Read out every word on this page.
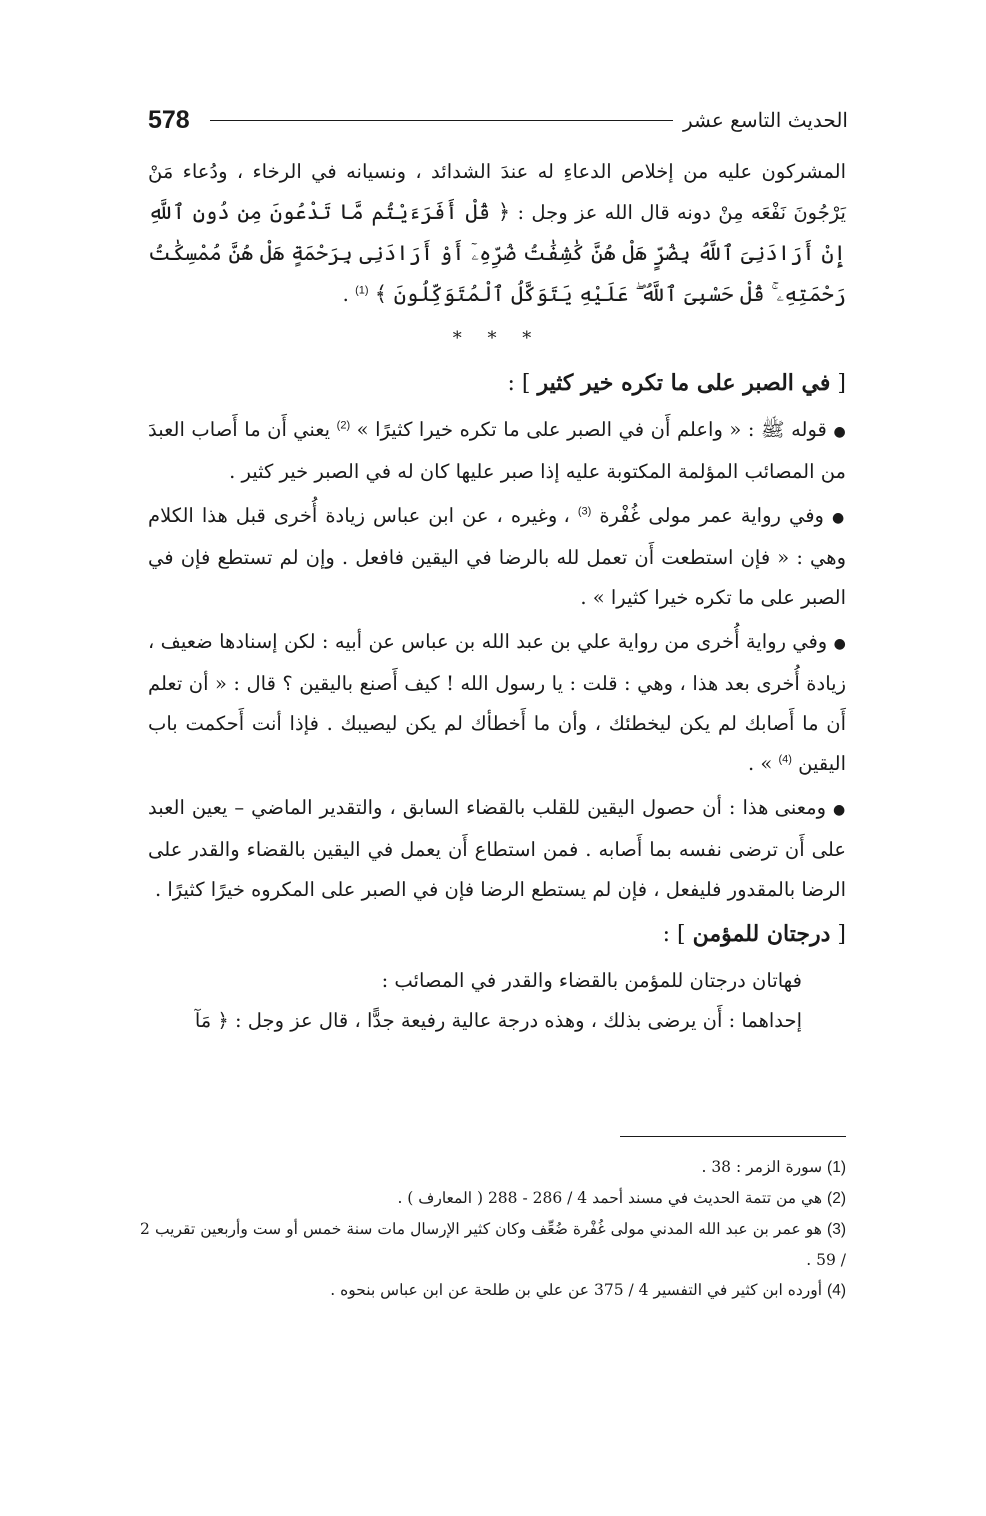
578	الحديث التاسع عشر

المشركون عليه من إخلاص الدعاءِ له عندَ الشدائد ، ونسيانه في الرخاء ، ودُعاء مَنْ يَرْجُونَ نَفْعَه مِنْ دونه قال الله عز وجل : ﴿ قُلْ أَفَرَءَيْتُم مَّا تَدْعُونَ مِن دُونِ ٱللَّهِ إِنْ أَرَادَنِىَ ٱللَّهُ بِضُرٍّ هَلْ هُنَّ كَٰشِفَٰتُ ضُرِّهِۦٓ أَوْ أَرَادَنِى بِرَحْمَةٍ هَلْ هُنَّ مُمْسِكَٰتُ رَحْمَتِهِۦ ۚ قُلْ حَسْبِىَ ٱللَّهُ ۖ عَلَيْهِ يَتَوَكَّلُ ٱلْمُتَوَكِّلُونَ ﴾ $^{(1)}$ .

* * *
[ في الصبر على ما تكره خير كثير ] :

● قوله ﷺ : « واعلم أَن في الصبر على ما تكره خيرا كثيرًا » $^{(2)}$ يعني أَن ما أَصاب العبدَ من المصائب المؤلمة المكتوبة عليه إذا صبر عليها كان له في الصبر خير كثير .

● وفي رواية عمر مولى غُفْرة $^{(3)}$ ، وغيره ، عن ابن عباس زيادة أُخرى قبل هذا الكلام وهي : « فإن استطعت أَن تعمل لله بالرضا في اليقين فافعل . وإن لم تستطع فإن في الصبر على ما تكره خيرا كثيرا » .

● وفي رواية أُخرى من رواية علي بن عبد الله بن عباس عن أبيه : لكن إسنادها ضعيف ، زيادة أُخرى بعد هذا ، وهي : قلت : يا رسول الله ! كيف أَصنع باليقين ؟ قال : « أن تعلم أَن ما أَصابك لم يكن ليخطئك ، وأن ما أَخطأك لم يكن ليصيبك . فإذا أنت أَحكمت باب اليقين $^{(4)}$ » .

● ومعنى هذا : أن حصول اليقين للقلب بالقضاء السابق ، والتقدير الماضي – يعين العبد على أَن ترضى نفسه بما أَصابه . فمن استطاع أَن يعمل في اليقين بالقضاء والقدر على الرضا بالمقدور فليفعل ، فإن لم يستطع الرضا فإن في الصبر على المكروه خيرًا كثيرًا .

[ درجتان للمؤمن ] :

فهاتان درجتان للمؤمن بالقضاء والقدر في المصائب :

إحداهما : أَن يرضى بذلك ، وهذه درجة عالية رفيعة جدًّا ، قال عز وجل : ﴿ مَآ

(1) سورة الزمر : 38 .

(2) هي من تتمة الحديث في مسند أحمد 4 / 286 - 288 ( المعارف ) .

(3) هو عمر بن عبد الله المدني مولى غُفْرة ضُعِّف وكان كثير الإرسال مات سنة خمس أو ست وأربعين تقريب 2 / 59 .

(4) أورده ابن كثير في التفسير 4 / 375 عن علي بن طلحة عن ابن عباس بنحوه .
